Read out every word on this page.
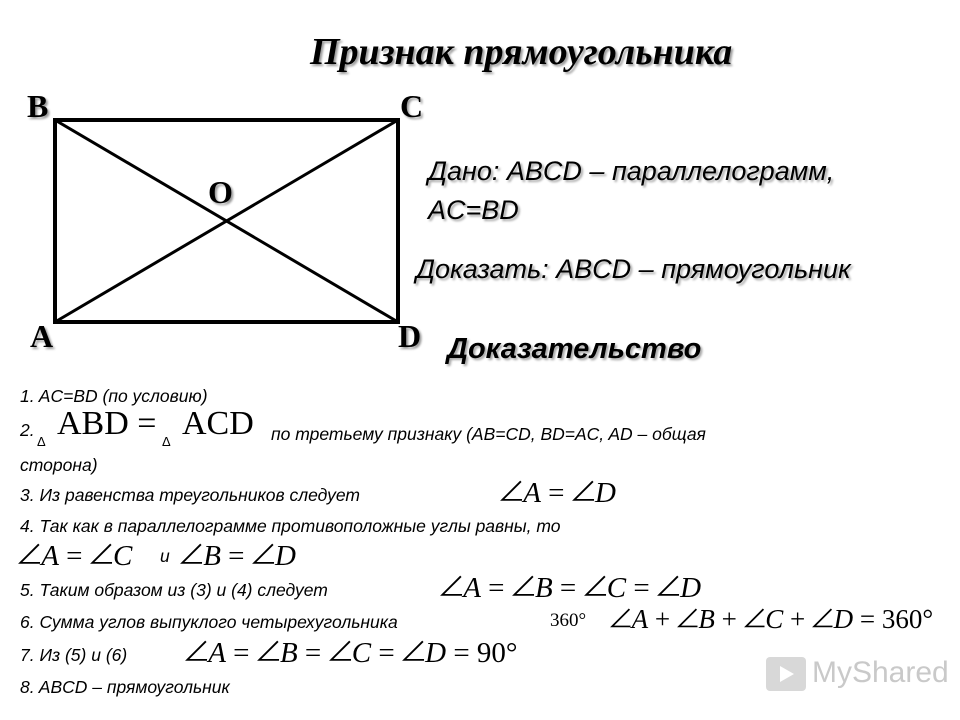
Признак прямоугольника
B	C
O
A	D
Дано: ABCD – параллелограмм,
AC=BD
Доказать: ABCD – прямоугольник
Доказательство
1. AC=BD (по условию)
2.
Δ ABD = Δ ACD по третьему признаку (AB=CD, BD=AC, AD – общая
сторона)
3. Из равенства треугольников следует	A = D
4. Так как в параллелограмме противоположные углы равны, то
A = C и	B = D
5. Таким образом из (3) и (4) следует	A = B = C = D
6. Сумма углов выпуклого четырехугольника	360°	A + B + C + D = 360°
7. Из (5) и (6)	A = B = C = D = 90°
8. ABCD – прямоугольник	MyShared
